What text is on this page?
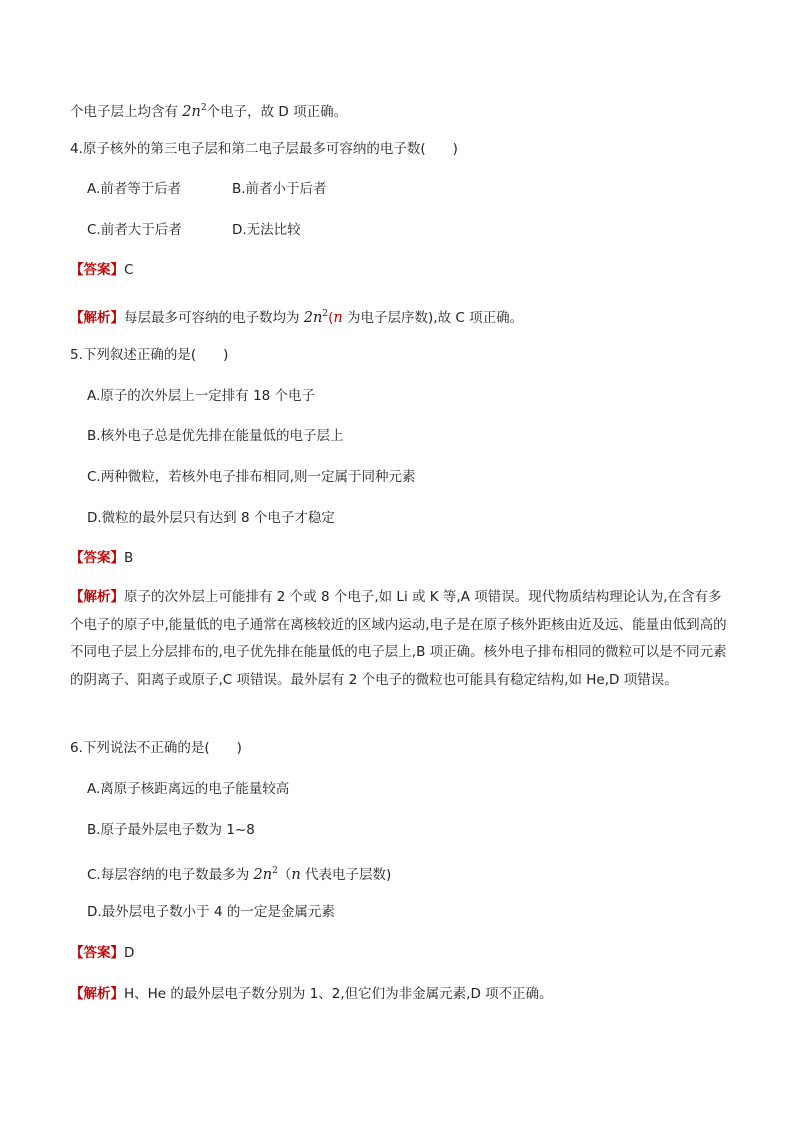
个电子层上均含有 $2n^2$个电子，故 D 项正确。
4.原子核外的第三电子层和第二电子层最多可容纳的电子数(　　)
A.前者等于后者	B.前者小于后者
C.前者大于后者	D.无法比较
【答案】C
【解析】每层最多可容纳的电子数均为 $2n^2(n$ 为电子层序数),故 C 项正确。
5.下列叙述正确的是(　　)
A.原子的次外层上一定排有 18 个电子
B.核外电子总是优先排在能量低的电子层上
C.两种微粒，若核外电子排布相同,则一定属于同种元素
D.微粒的最外层只有达到 8 个电子才稳定
【答案】B
【解析】原子的次外层上可能排有 2 个或 8 个电子,如 Li 或 K 等,A 项错误。现代物质结构理论认为,在含有多个电子的原子中,能量低的电子通常在离核较近的区域内运动,电子是在原子核外距核由近及远、能量由低到高的不同电子层上分层排布的,电子优先排在能量低的电子层上,B 项正确。核外电子排布相同的微粒可以是不同元素的阴离子、阳离子或原子,C 项错误。最外层有 2 个电子的微粒也可能具有稳定结构,如 He,D 项错误。
6.下列说法不正确的是(　　)
A.离原子核距离远的电子能量较高
B.原子最外层电子数为 1~8
C.每层容纳的电子数最多为 $2n^2(n$ 代表电子层数)
D.最外层电子数小于 4 的一定是金属元素
【答案】D
【解析】H、He 的最外层电子数分别为 1、2,但它们为非金属元素,D 项不正确。
